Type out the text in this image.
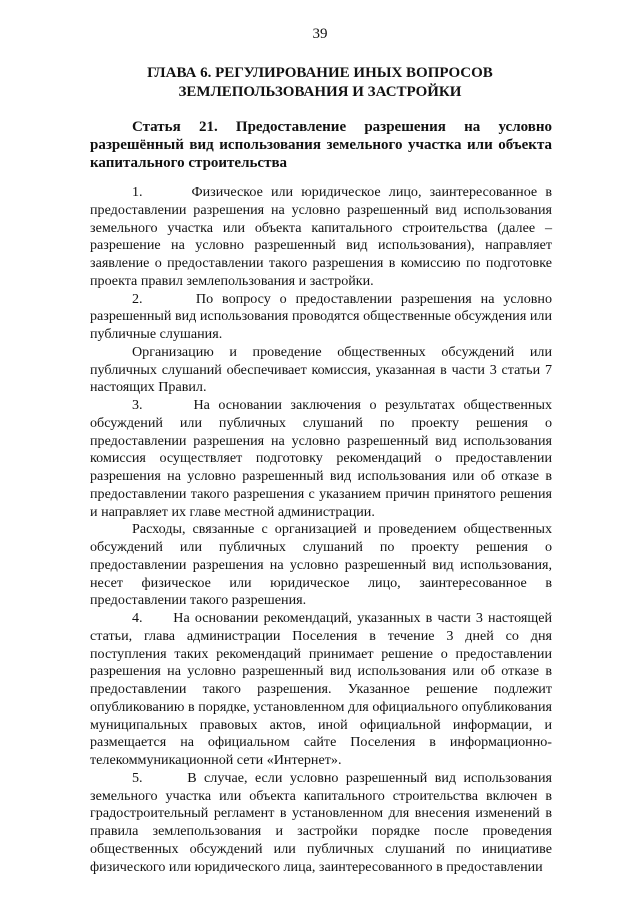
39
ГЛАВА 6. РЕГУЛИРОВАНИЕ ИНЫХ ВОПРОСОВ
ЗЕМЛЕПОЛЬЗОВАНИЯ И ЗАСТРОЙКИ
Статья 21. Предоставление разрешения на условно разрешённый вид использования земельного участка или объекта капитального строительства

1.      Физическое или юридическое лицо, заинтересованное в предоставлении разрешения на условно разрешенный вид использования земельного участка или объекта капитального строительства (далее – разрешение на условно разрешенный вид использования), направляет заявление о предоставлении такого разрешения в комиссию по подготовке проекта правил землепользования и застройки.

2.      По вопросу о предоставлении разрешения на условно разрешенный вид использования проводятся общественные обсуждения или публичные слушания.

Организацию и проведение общественных обсуждений или публичных слушаний обеспечивает комиссия, указанная в части 3 статьи 7 настоящих Правил.

3.      На основании заключения о результатах общественных обсуждений или публичных слушаний по проекту решения о предоставлении разрешения на условно разрешенный вид использования комиссия осуществляет подготовку рекомендаций о предоставлении разрешения на условно разрешенный вид использования или об отказе в предоставлении такого разрешения с указанием причин принятого решения и направляет их главе местной администрации.

Расходы, связанные с организацией и проведением общественных обсуждений или публичных слушаний по проекту решения о предоставлении разрешения на условно разрешенный вид использования, несет физическое или юридическое лицо, заинтересованное в предоставлении такого разрешения.

4.      На основании рекомендаций, указанных в части 3 настоящей статьи, глава администрации Поселения в течение 3 дней со дня поступления таких рекомендаций принимает решение о предоставлении разрешения на условно разрешенный вид использования или об отказе в предоставлении такого разрешения. Указанное решение подлежит опубликованию в порядке, установленном для официального опубликования муниципальных правовых актов, иной официальной информации, и размещается на официальном сайте Поселения в информационно-телекоммуникационной сети «Интернет».

5.      В случае, если условно разрешенный вид использования земельного участка или объекта капитального строительства включен в градостроительный регламент в установленном для внесения изменений в правила землепользования и застройки порядке после проведения общественных обсуждений или публичных слушаний по инициативе физического или юридического лица, заинтересованного в предоставлении
